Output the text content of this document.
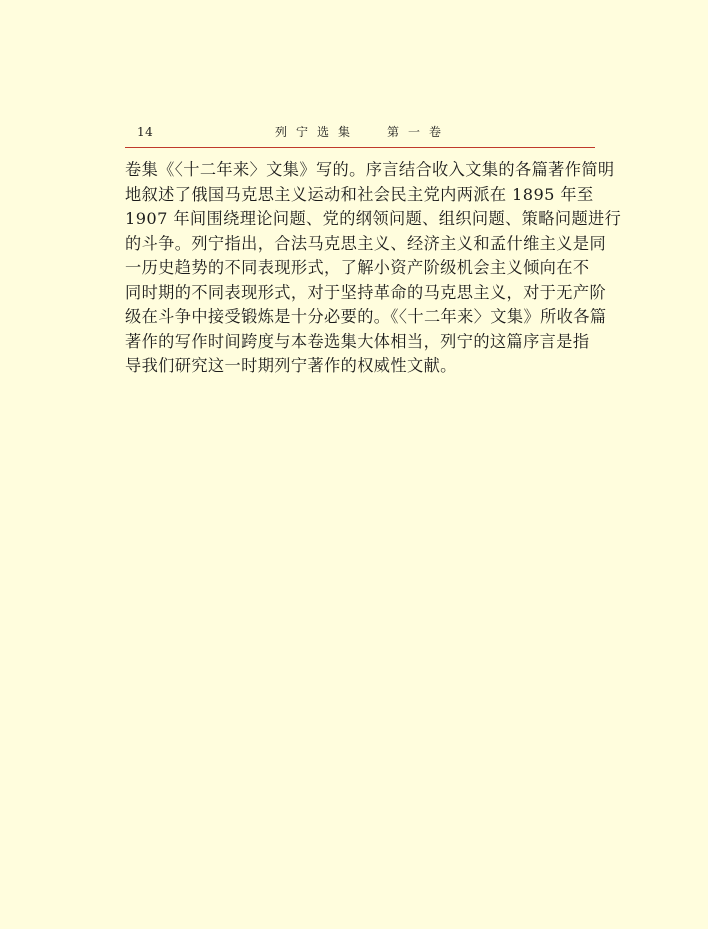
14	列宁选集 第一卷
卷集《〈十二年来〉文集》写的。序言结合收入文集的各篇著作简明
地叙述了俄国马克思主义运动和社会民主党内两派在 1895 年至
1907 年间围绕理论问题、党的纲领问题、组织问题、策略问题进行
的斗争。列宁指出，合法马克思主义、经济主义和孟什维主义是同
一历史趋势的不同表现形式，了解小资产阶级机会主义倾向在不
同时期的不同表现形式，对于坚持革命的马克思主义，对于无产阶
级在斗争中接受锻炼是十分必要的。《〈十二年来〉文集》所收各篇
著作的写作时间跨度与本卷选集大体相当，列宁的这篇序言是指
导我们研究这一时期列宁著作的权威性文献。
